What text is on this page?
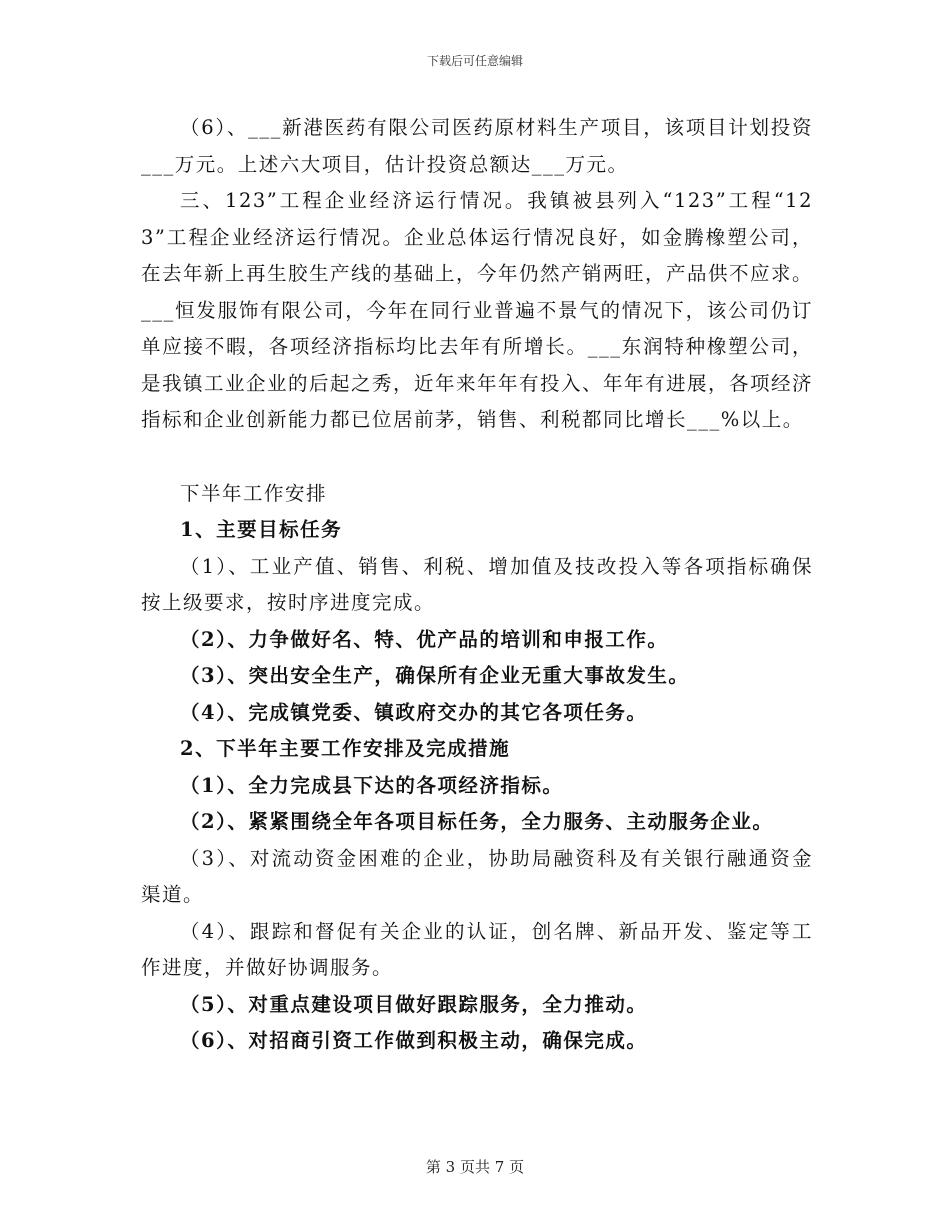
下载后可任意编辑

（6）、___新港医药有限公司医药原材料生产项目，该项目计划投资___万元。上述六大项目，估计投资总额达___万元。

三、123”工程企业经济运行情况。我镇被县列入“123”工程“123”工程企业经济运行情况。企业总体运行情况良好，如金腾橡塑公司，在去年新上再生胶生产线的基础上，今年仍然产销两旺，产品供不应求。___恒发服饰有限公司，今年在同行业普遍不景气的情况下，该公司仍订单应接不暇，各项经济指标均比去年有所增长。___东润特种橡塑公司，是我镇工业企业的后起之秀，近年来年年有投入、年年有进展，各项经济指标和企业创新能力都已位居前茅，销售、利税都同比增长___%以上。

下半年工作安排

1、主要目标任务

（1）、工业产值、销售、利税、增加值及技改投入等各项指标确保按上级要求，按时序进度完成。

（2）、力争做好名、特、优产品的培训和申报工作。

（3）、突出安全生产，确保所有企业无重大事故发生。

（4）、完成镇党委、镇政府交办的其它各项任务。

2、下半年主要工作安排及完成措施

（1）、全力完成县下达的各项经济指标。

（2）、紧紧围绕全年各项目标任务，全力服务、主动服务企业。

（3）、对流动资金困难的企业，协助局融资科及有关银行融通资金渠道。

（4）、跟踪和督促有关企业的认证，创名牌、新品开发、鉴定等工作进度，并做好协调服务。

（5）、对重点建设项目做好跟踪服务，全力推动。

（6）、对招商引资工作做到积极主动，确保完成。

第 3 页共 7 页
